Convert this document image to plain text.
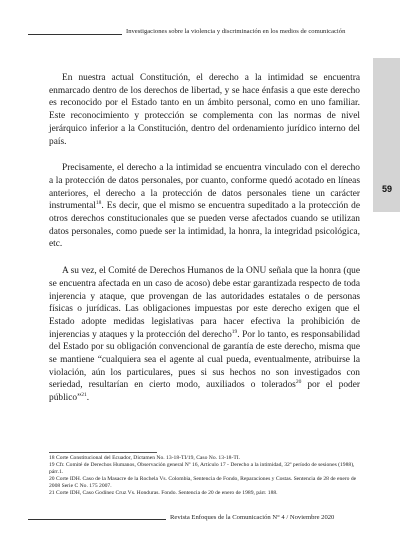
Investigaciones sobre la violencia y discriminación en los medios de comunicación
59

En nuestra actual Constitución, el derecho a la intimidad se encuentra enmarcado dentro de los derechos de libertad, y se hace énfasis a que este derecho es reconocido por el Estado tanto en un ámbito personal, como en uno familiar. Este reconocimiento y protección se complementa con las normas de nivel jerárquico inferior a la Constitución, dentro del ordenamiento jurídico interno del país.

Precisamente, el derecho a la intimidad se encuentra vinculado con el derecho a la protección de datos personales, por cuanto, conforme quedó acotado en líneas anteriores, el derecho a la protección de datos personales tiene un carácter instrumental$^{18}$. Es decir, que el mismo se encuentra supeditado a la protección de otros derechos constitucionales que se pueden verse afectados cuando se utilizan datos personales, como puede ser la intimidad, la honra, la integridad psicológica, etc.

A su vez, el Comité de Derechos Humanos de la ONU señala que la honra (que se encuentra afectada en un caso de acoso) debe estar garantizada respecto de toda injerencia y ataque, que provengan de las autoridades estatales o de personas físicas o jurídicas. Las obligaciones impuestas por este derecho exigen que el Estado adopte medidas legislativas para hacer efectiva la prohibición de injerencias y ataques y la protección del derecho$^{19}$. Por lo tanto, es responsabilidad del Estado por su obligación convencional de garantía de este derecho, misma que se mantiene “cualquiera sea el agente al cual pueda, eventualmente, atribuirse la violación, aún los particulares, pues si sus hechos no son investigados con seriedad, resultarían en cierto modo, auxiliados o tolerados$^{20}$ por el poder público”$^{21}$.

18 Corte Constitucional del Ecuador, Dictamen No. 13-18-TI/19, Caso No. 13-18-TI.
19 Cfr. Comité de Derechos Humanos, Observación general Nº 16, Artículo 17 - Derecho a la intimidad, 32º período de sesiones (1988), párr.1.
20 Corte IDH. Caso de la Masacre de la Rochela Vs. Colombia, Sentencia de Fondo, Reparaciones y Costas. Sentencia de 28 de enero de 2008 Serie C No. 175 2007.
21 Corte IDH, Caso Godínez Cruz Vs. Honduras. Fondo. Sentencia de 20 de enero de 1989, párr. 188.
Revista Enfoques de la Comunicación N° 4 / Noviembre 2020
